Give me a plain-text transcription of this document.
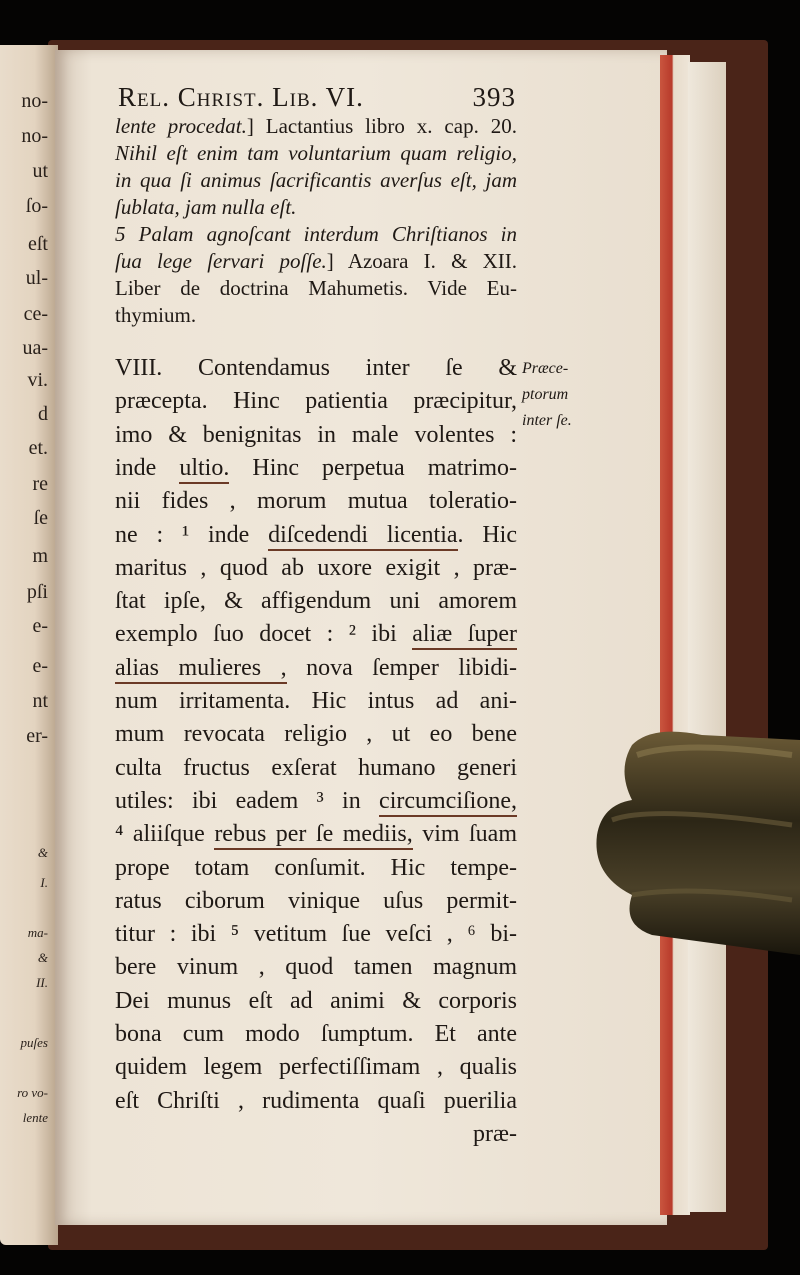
no-
no-
ut
ſo-
eſt
ul-
ce-
ua-
vi.
d
et.
re
ſe
m
pſi
e-
e-
nt
er-
&
I.
ma-
&
II.
puſes
ro vo-
lente
Rel. Christ. Lib. VI.	393
lente procedat.] Lactantius libro x. cap. 20.
Nihil eſt enim tam voluntarium quam religio,
in qua ſi animus ſacrificantis averſus eſt, jam
ſublata, jam nulla eſt.
5 Palam agnoſcant interdum Chriſtianos in
ſua lege ſervari poſſe.] Azoara I. & XII.
Liber de doctrina Mahumetis. Vide Eu-
thymium.
VIII. Contendamus inter ſe &
præcepta. Hinc patientia præcipitur,
imo & benignitas in male volentes :
inde ultio. Hinc perpetua matrimo-
nii fides , morum mutua toleratio-
ne : ¹ inde diſcedendi licentia. Hic
maritus , quod ab uxore exigit , præ-
ſtat ipſe, & affigendum uni amorem
exemplo ſuo docet : ² ibi aliæ ſuper
alias mulieres , nova ſemper libidi-
num irritamenta. Hic intus ad ani-
mum revocata religio , ut eo bene
culta fructus exſerat humano generi
utiles: ibi eadem ³ in circumciſione,
⁴ aliiſque rebus per ſe mediis, vim ſuam
prope totam conſumit. Hic tempe-
ratus ciborum vinique uſus permit-
titur : ibi ⁵ vetitum ſue veſci , ⁶ bi-
bere vinum , quod tamen magnum
Dei munus eſt ad animi & corporis
bona cum modo ſumptum. Et ante
quidem legem perfectiſſimam , qualis
eſt Chriſti , rudimenta quaſi puerilia
præ-
Præce-
ptorum
inter ſe.
